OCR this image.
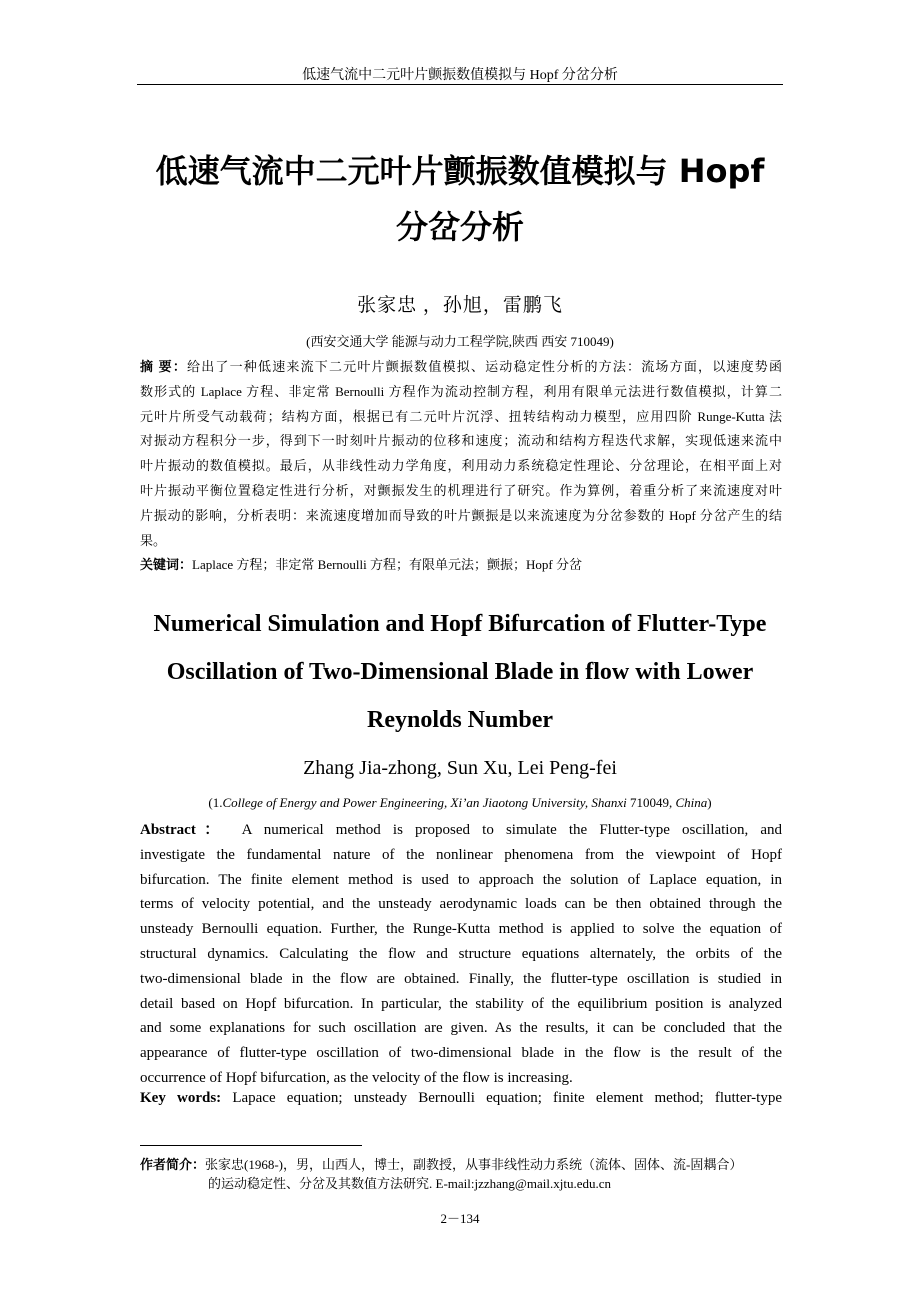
低速气流中二元叶片颤振数值模拟与 Hopf 分岔分析
低速气流中二元叶片颤振数值模拟与 Hopf
分岔分析
张家忠 ，孙旭，雷鹏飞
(西安交通大学 能源与动力工程学院,陕西 西安 710049)
摘 要：给出了一种低速来流下二元叶片颤振数值模拟、运动稳定性分析的方法：流场方面，以速度势函
数形式的 Laplace 方程、非定常 Bernoulli 方程作为流动控制方程，利用有限单元法进行数值模拟，计算二
元叶片所受气动载荷；结构方面，根据已有二元叶片沉浮、扭转结构动力模型，应用四阶 Runge-Kutta 法
对振动方程积分一步，得到下一时刻叶片振动的位移和速度；流动和结构方程迭代求解，实现低速来流中
叶片振动的数值模拟。最后，从非线性动力学角度，利用动力系统稳定性理论、分岔理论，在相平面上对
叶片振动平衡位置稳定性进行分析，对颤振发生的机理进行了研究。作为算例，着重分析了来流速度对叶
片振动的影响，分析表明：来流速度增加而导致的叶片颤振是以来流速度为分岔参数的 Hopf 分岔产生的结
果。
关键词：Laplace 方程；非定常 Bernoulli 方程；有限单元法；颤振；Hopf 分岔
Numerical Simulation and Hopf Bifurcation of Flutter-Type
Oscillation of Two-Dimensional Blade in flow with Lower
Reynolds Number
Zhang Jia-zhong, Sun Xu, Lei Peng-fei
(1.College of Energy and Power Engineering, Xi’an Jiaotong University, Shanxi 710049, China)
Abstract： A numerical method is proposed to simulate the Flutter-type oscillation, and
investigate the fundamental nature of the nonlinear phenomena from the viewpoint of Hopf
bifurcation. The finite element method is used to approach the solution of Laplace equation, in
terms of velocity potential, and the unsteady aerodynamic loads can be then obtained through the
unsteady Bernoulli equation. Further, the Runge-Kutta method is applied to solve the equation of
structural dynamics. Calculating the flow and structure equations alternately, the orbits of the
two-dimensional blade in the flow are obtained. Finally, the flutter-type oscillation is studied in
detail based on Hopf bifurcation. In particular, the stability of the equilibrium position is analyzed
and some explanations for such oscillation are given. As the results, it can be concluded that the
appearance of flutter-type oscillation of two-dimensional blade in the flow is the result of the
occurrence of Hopf bifurcation, as the velocity of the flow is increasing.
Key words: Lapace equation; unsteady Bernoulli equation; finite element method; flutter-type
作者简介：张家忠(1968-)，男，山西人，博士，副教授，从事非线性动力系统（流体、固体、流-固耦合）
的运动稳定性、分岔及其数值方法研究. E-mail:jzzhang@mail.xjtu.edu.cn
2－134
